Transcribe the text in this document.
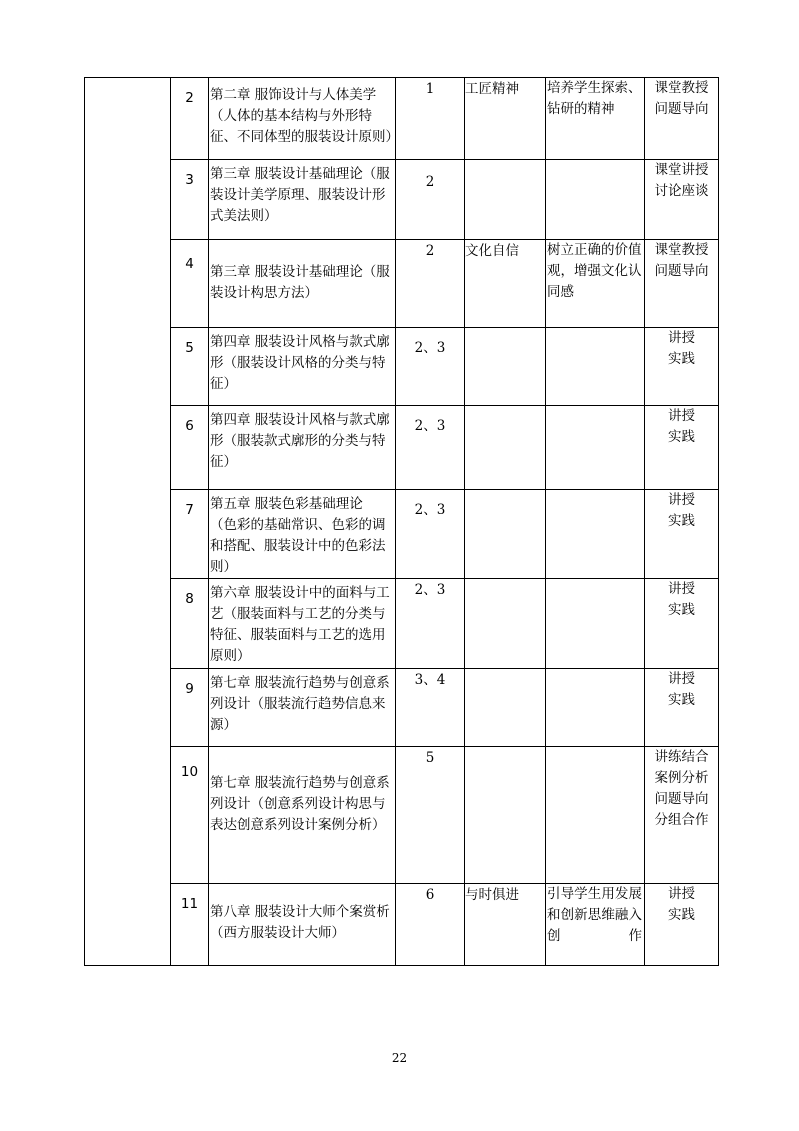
	2	第二章 服饰设计与人体美学（人体的基本结构与外形特征、不同体型的服装设计原则）	1	工匠精神	培养学生探索、钻研的精神	课堂教授
问题导向

	3	第三章 服装设计基础理论（服装设计美学原理、服装设计形式美法则）	2			课堂讲授
讨论座谈

	4	第三章 服装设计基础理论（服装设计构思方法）	2	文化自信	树立正确的价值观，增强文化认同感	课堂教授
问题导向

	5	第四章 服装设计风格与款式廓形（服装设计风格的分类与特征）	2、3			讲授
实践

	6	第四章 服装设计风格与款式廓形（服装款式廓形的分类与特征）	2、3			讲授
实践

	7	第五章 服装色彩基础理论 （色彩的基础常识、色彩的调和搭配、服装设计中的色彩法则）	2、3			讲授
实践

	8	第六章 服装设计中的面料与工艺（服装面料与工艺的分类与特征、服装面料与工艺的选用原则）	2、3			讲授
实践

	9	第七章 服装流行趋势与创意系列设计（服装流行趋势信息来源）	3、4			讲授
实践

	10	第七章 服装流行趋势与创意系列设计（创意系列设计构思与表达创意系列设计案例分析）	5			讲练结合
案例分析
问题导向
分组合作

	11	第八章 服装设计大师个案赏析（西方服装设计大师）	6	与时俱进	引导学生用发展和创新思维融入创作	讲授
实践
22
